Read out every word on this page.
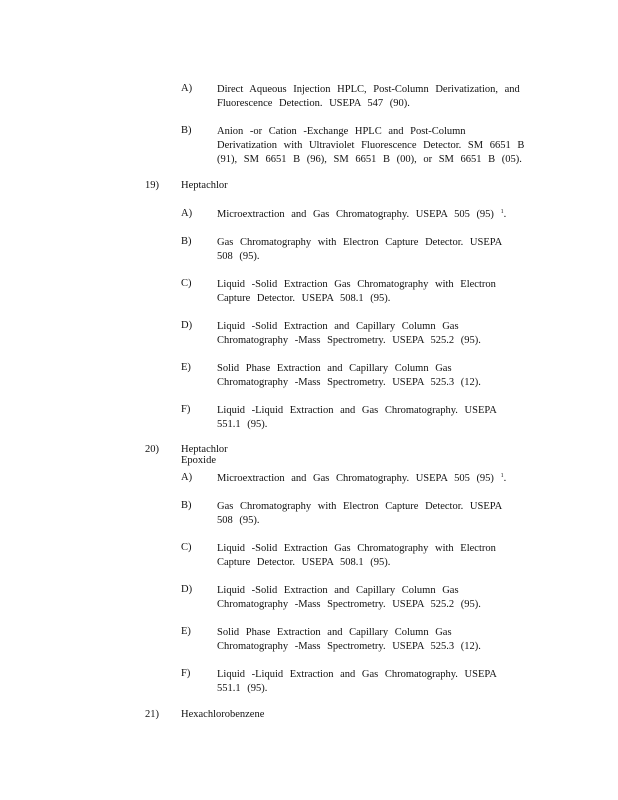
A) Direct Aqueous Injection HPLC, Post-Column Derivatization, and
Fluorescence Detection. USEPA 547 (90).
B) Anion -or Cation -Exchange HPLC and Post-Column
Derivatization with Ultraviolet Fluorescence Detector. SM 6651 B
(91), SM 6651 B (96), SM 6651 B (00), or SM 6651 B (05).
19) Heptachlor
A) Microextraction and Gas Chromatography. USEPA 505 (95) $^1$.
B) Gas Chromatography with Electron Capture Detector. USEPA
508 (95).
C) Liquid -Solid Extraction Gas Chromatography with Electron
Capture Detector. USEPA 508.1 (95).
D) Liquid -Solid Extraction and Capillary Column Gas
Chromatography -Mass Spectrometry. USEPA 525.2 (95).
E) Solid Phase Extraction and Capillary Column Gas
Chromatography -Mass Spectrometry. USEPA 525.3 (12).
F)	Liquid -Liquid Extraction and Gas Chromatography. USEPA
551.1 (95).
20) Heptachlor Epoxide
A) Microextraction and Gas Chromatography. USEPA 505 (95) $^1$.
B) Gas Chromatography with Electron Capture Detector. USEPA
508 (95).
C) Liquid -Solid Extraction Gas Chromatography with Electron
Capture Detector. USEPA 508.1 (95).
D) Liquid -Solid Extraction and Capillary Column Gas
Chromatography -Mass Spectrometry. USEPA 525.2 (95).
E) Solid Phase Extraction and Capillary Column Gas
Chromatography -Mass Spectrometry. USEPA 525.3 (12).
F)	Liquid -Liquid Extraction and Gas Chromatography. USEPA
551.1 (95).
21) Hexachlorobenzene
